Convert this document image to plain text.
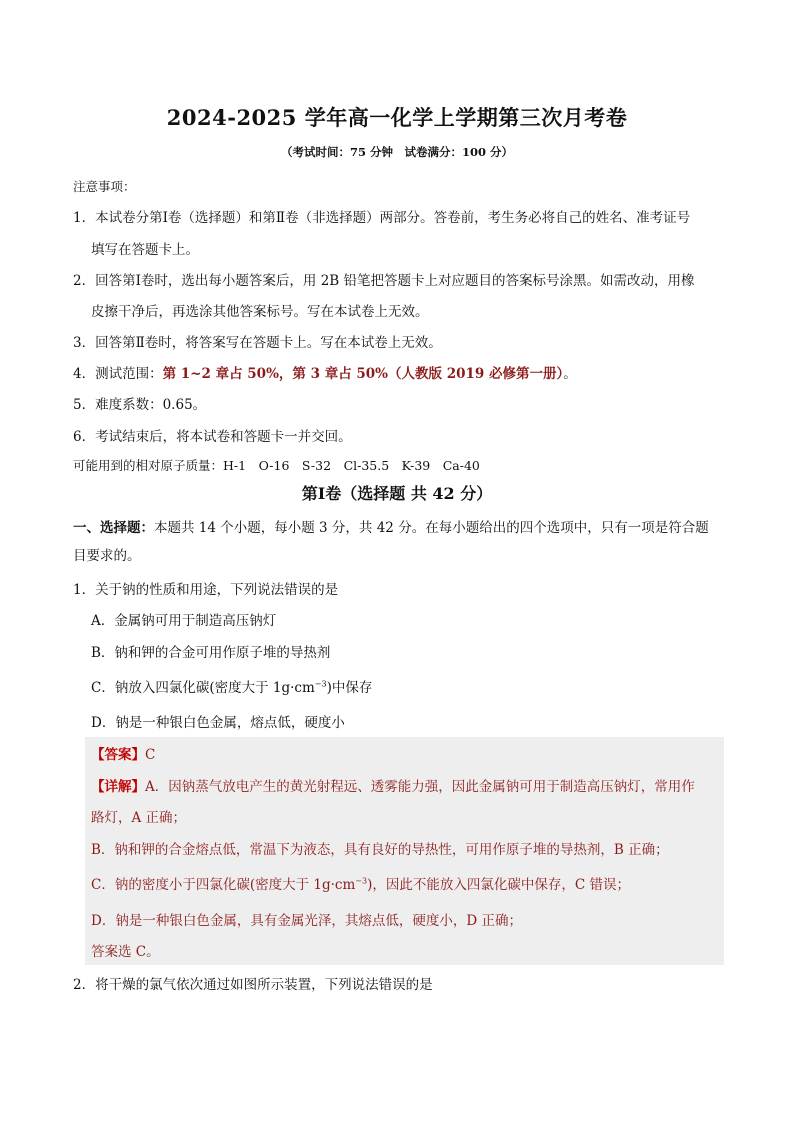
2024-2025 学年高一化学上学期第三次月考卷
（考试时间：75 分钟　试卷满分：100 分）
注意事项：
1．本试卷分第Ⅰ卷（选择题）和第Ⅱ卷（非选择题）两部分。答卷前，考生务必将自己的姓名、准考证号
填写在答题卡上。
2．回答第Ⅰ卷时，选出每小题答案后，用 2B 铅笔把答题卡上对应题目的答案标号涂黑。如需改动，用橡
皮擦干净后，再选涂其他答案标号。写在本试卷上无效。
3．回答第Ⅱ卷时，将答案写在答题卡上。写在本试卷上无效。
4．测试范围：第 1~2 章占 50%，第 3 章占 50%（人教版 2019 必修第一册）。
5．难度系数：0.65。
6．考试结束后，将本试卷和答题卡一并交回。
可能用到的相对原子质量：H-1　O-16　S-32　Cl-35.5　K-39　Ca-40
第Ⅰ卷（选择题 共 42 分）
一、选择题：本题共 14 个小题，每小题 3 分，共 42 分。在每小题给出的四个选项中，只有一项是符合题
目要求的。
1．关于钠的性质和用途，下列说法错误的是
A．金属钠可用于制造高压钠灯
B．钠和钾的合金可用作原子堆的导热剂
C．钠放入四氯化碳(密度大于 $1g\cdot cm^{-3}$)中保存
D．钠是一种银白色金属，熔点低，硬度小
【答案】C
【详解】A．因钠蒸气放电产生的黄光射程远、透雾能力强，因此金属钠可用于制造高压钠灯，常用作
路灯，A 正确；
B．钠和钾的合金熔点低，常温下为液态，具有良好的导热性，可用作原子堆的导热剂，B 正确；
C．钠的密度小于四氯化碳(密度大于 $1g\cdot cm^{-3}$)，因此不能放入四氯化碳中保存，C 错误；
D．钠是一种银白色金属，具有金属光泽，其熔点低，硬度小，D 正确；
答案选 C。
2．将干燥的氯气依次通过如图所示装置，下列说法错误的是
